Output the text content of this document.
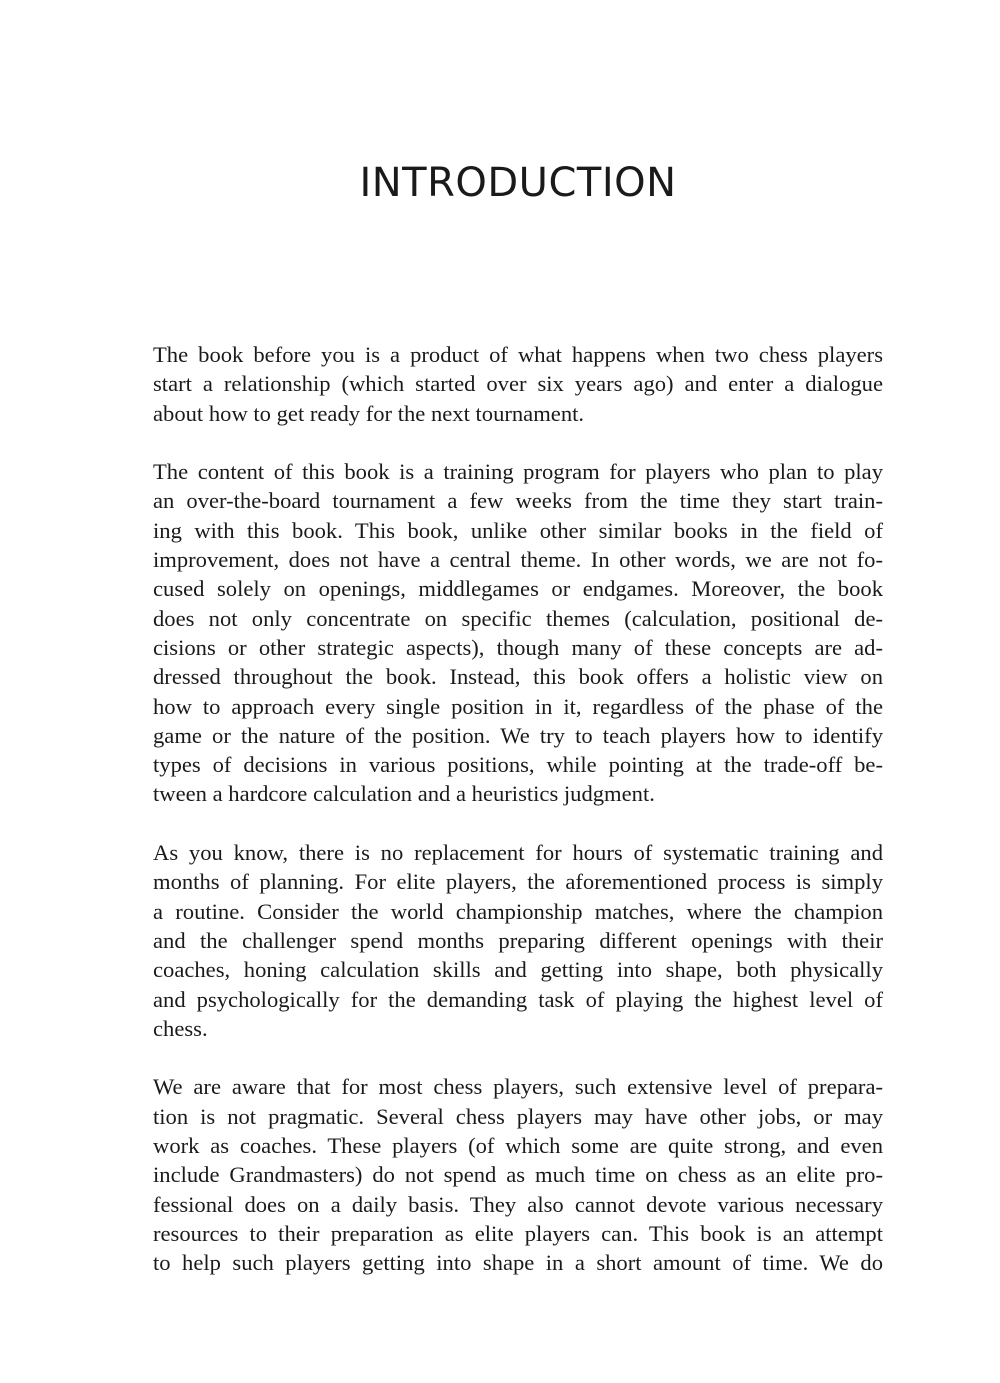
INTRODUCTION

The book before you is a product of what happens when two chess players
start a relationship (which started over six years ago) and enter a dialogue
about how to get ready for the next tournament.

The content of this book is a training program for players who plan to play
an over-the-board tournament a few weeks from the time they start train-
ing with this book. This book, unlike other similar books in the field of
improvement, does not have a central theme. In other words, we are not fo-
cused solely on openings, middlegames or endgames. Moreover, the book
does not only concentrate on specific themes (calculation, positional de-
cisions or other strategic aspects), though many of these concepts are ad-
dressed throughout the book. Instead, this book offers a holistic view on
how to approach every single position in it, regardless of the phase of the
game or the nature of the position. We try to teach players how to identify
types of decisions in various positions, while pointing at the trade-off be-
tween a hardcore calculation and a heuristics judgment.

As you know, there is no replacement for hours of systematic training and
months of planning. For elite players, the aforementioned process is simply
a routine. Consider the world championship matches, where the champion
and the challenger spend months preparing different openings with their
coaches, honing calculation skills and getting into shape, both physically
and psychologically for the demanding task of playing the highest level of
chess.

We are aware that for most chess players, such extensive level of prepara-
tion is not pragmatic. Several chess players may have other jobs, or may
work as coaches. These players (of which some are quite strong, and even
include Grandmasters) do not spend as much time on chess as an elite pro-
fessional does on a daily basis. They also cannot devote various necessary
resources to their preparation as elite players can. This book is an attempt
to help such players getting into shape in a short amount of time. We do
